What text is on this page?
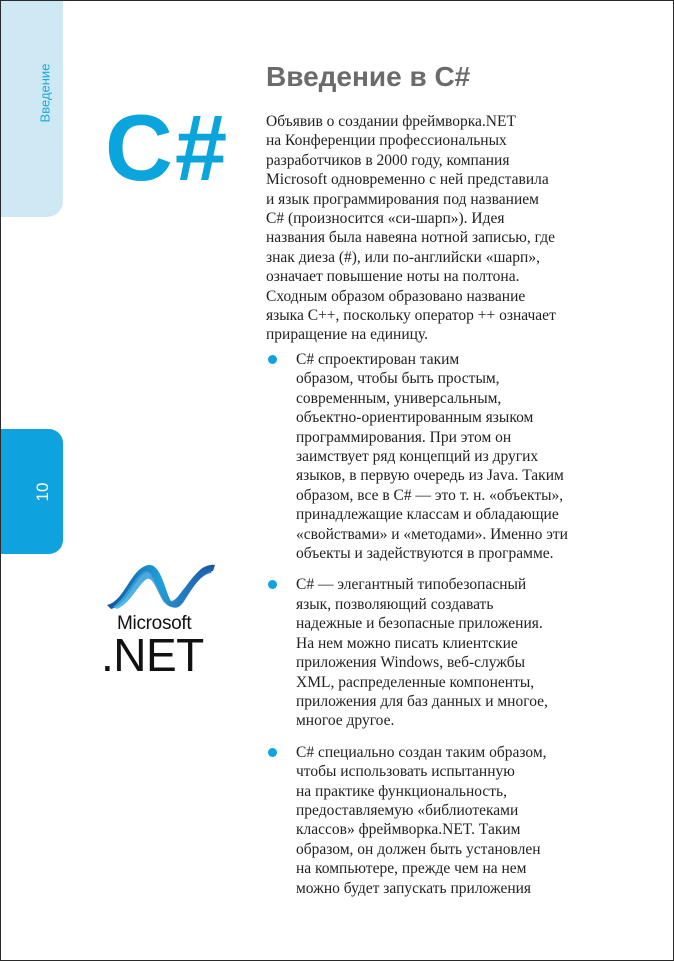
Введение
10
C#
Microsoft
.NET
Введение в C#

Объявив о создании фреймворка.NET
на Конференции профессиональных
разработчиков в 2000 году, компания
Microsoft одновременно с ней представила
и язык программирования под названием
C# (произносится «си-шарп»). Идея
названия была навеяна нотной записью, где
знак диеза (#), или по-английски «шарп»,
означает повышение ноты на полтона.
Сходным образом образовано название
языка C++, поскольку оператор ++ означает
приращение на единицу.

C# спроектирован таким
образом, чтобы быть простым,
современным, универсальным,
объектно-ориентированным языком
программирования. При этом он
заимствует ряд концепций из других
языков, в первую очередь из Java. Таким
образом, все в C# — это т. н. «объекты»,
принадлежащие классам и обладающие
«свойствами» и «методами». Именно эти
объекты и задействуются в программе.
C# — элегантный типобезопасный
язык, позволяющий создавать
надежные и безопасные приложения.
На нем можно писать клиентские
приложения Windows, веб-службы
XML, распределенные компоненты,
приложения для баз данных и многое,
многое другое.
C# специально создан таким образом,
чтобы использовать испытанную
на практике функциональность,
предоставляемую «библиотеками
классов» фреймворка.NET. Таким
образом, он должен быть установлен
на компьютере, прежде чем на нем
можно будет запускать приложения
